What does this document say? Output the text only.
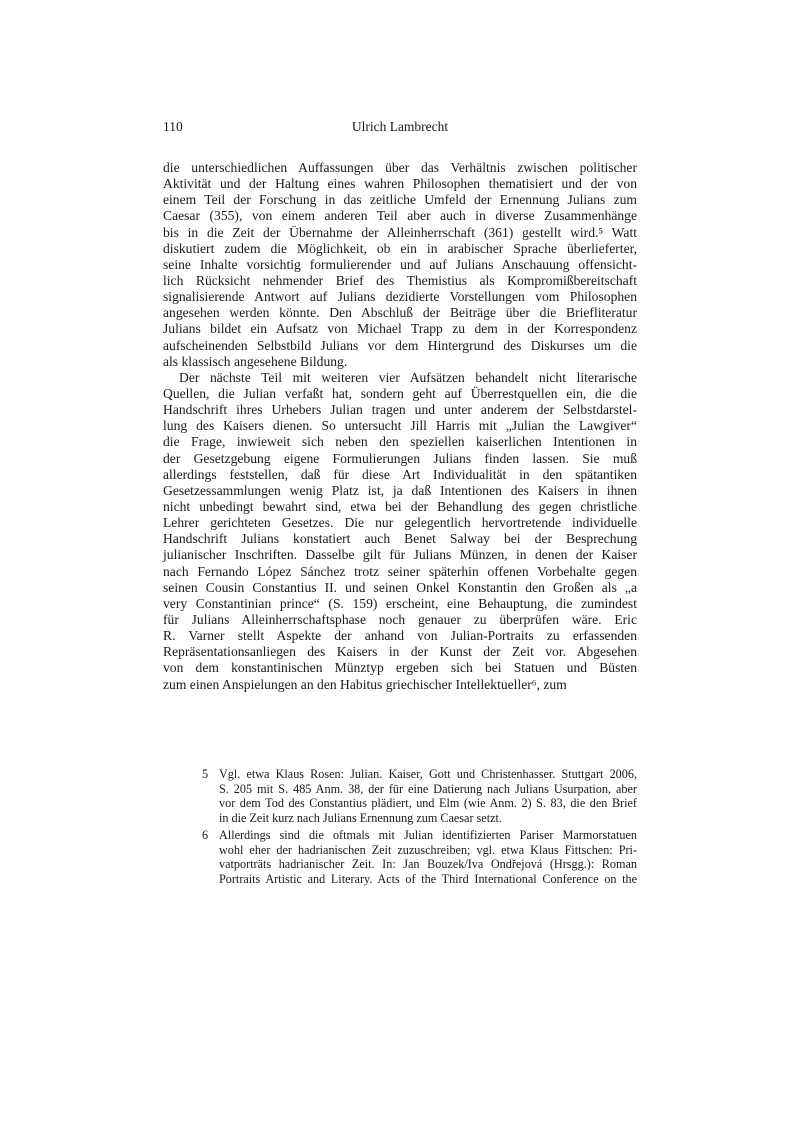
110	Ulrich Lambrecht
die unterschiedlichen Auffassungen über das Verhältnis zwischen politischer
Aktivität und der Haltung eines wahren Philosophen thematisiert und der von
einem Teil der Forschung in das zeitliche Umfeld der Ernennung Julians zum
Caesar (355), von einem anderen Teil aber auch in diverse Zusammenhänge
bis in die Zeit der Übernahme der Alleinherrschaft (361) gestellt wird.⁵ Watt
diskutiert zudem die Möglichkeit, ob ein in arabischer Sprache überlieferter,
seine Inhalte vorsichtig formulierender und auf Julians Anschauung offensicht-
lich Rücksicht nehmender Brief des Themistius als Kompromißbereitschaft
signalisierende Antwort auf Julians dezidierte Vorstellungen vom Philosophen
angesehen werden könnte. Den Abschluß der Beiträge über die Briefliteratur
Julians bildet ein Aufsatz von Michael Trapp zu dem in der Korrespondenz
aufscheinenden Selbstbild Julians vor dem Hintergrund des Diskurses um die
als klassisch angesehene Bildung.
Der nächste Teil mit weiteren vier Aufsätzen behandelt nicht literarische
Quellen, die Julian verfaßt hat, sondern geht auf Überrestquellen ein, die die
Handschrift ihres Urhebers Julian tragen und unter anderem der Selbstdarstel-
lung des Kaisers dienen. So untersucht Jill Harris mit „Julian the Lawgiver“
die Frage, inwieweit sich neben den speziellen kaiserlichen Intentionen in
der Gesetzgebung eigene Formulierungen Julians finden lassen. Sie muß
allerdings feststellen, daß für diese Art Individualität in den spätantiken
Gesetzessammlungen wenig Platz ist, ja daß Intentionen des Kaisers in ihnen
nicht unbedingt bewahrt sind, etwa bei der Behandlung des gegen christliche
Lehrer gerichteten Gesetzes. Die nur gelegentlich hervortretende individuelle
Handschrift Julians konstatiert auch Benet Salway bei der Besprechung
julianischer Inschriften. Dasselbe gilt für Julians Münzen, in denen der Kaiser
nach Fernando López Sánchez trotz seiner späterhin offenen Vorbehalte gegen
seinen Cousin Constantius II. und seinen Onkel Konstantin den Großen als „a
very Constantinian prince“ (S. 159) erscheint, eine Behauptung, die zumindest
für Julians Alleinherrschaftsphase noch genauer zu überprüfen wäre. Eric
R. Varner stellt Aspekte der anhand von Julian-Portraits zu erfassenden
Repräsentationsanliegen des Kaisers in der Kunst der Zeit vor. Abgesehen
von dem konstantinischen Münztyp ergeben sich bei Statuen und Büsten
zum einen Anspielungen an den Habitus griechischer Intellektueller⁶, zum
5 Vgl. etwa Klaus Rosen: Julian. Kaiser, Gott und Christenhasser. Stuttgart 2006,
S. 205 mit S. 485 Anm. 38, der für eine Datierung nach Julians Usurpation, aber
vor dem Tod des Constantius plädiert, und Elm (wie Anm. 2) S. 83, die den Brief
in die Zeit kurz nach Julians Ernennung zum Caesar setzt.
6 Allerdings sind die oftmals mit Julian identifizierten Pariser Marmorstatuen
wohl eher der hadrianischen Zeit zuzuschreiben; vgl. etwa Klaus Fittschen: Pri-
vatporträts hadrianischer Zeit. In: Jan Bouzek/Iva Ondřejová (Hrsgg.): Roman
Portraits Artistic and Literary. Acts of the Third International Conference on the
